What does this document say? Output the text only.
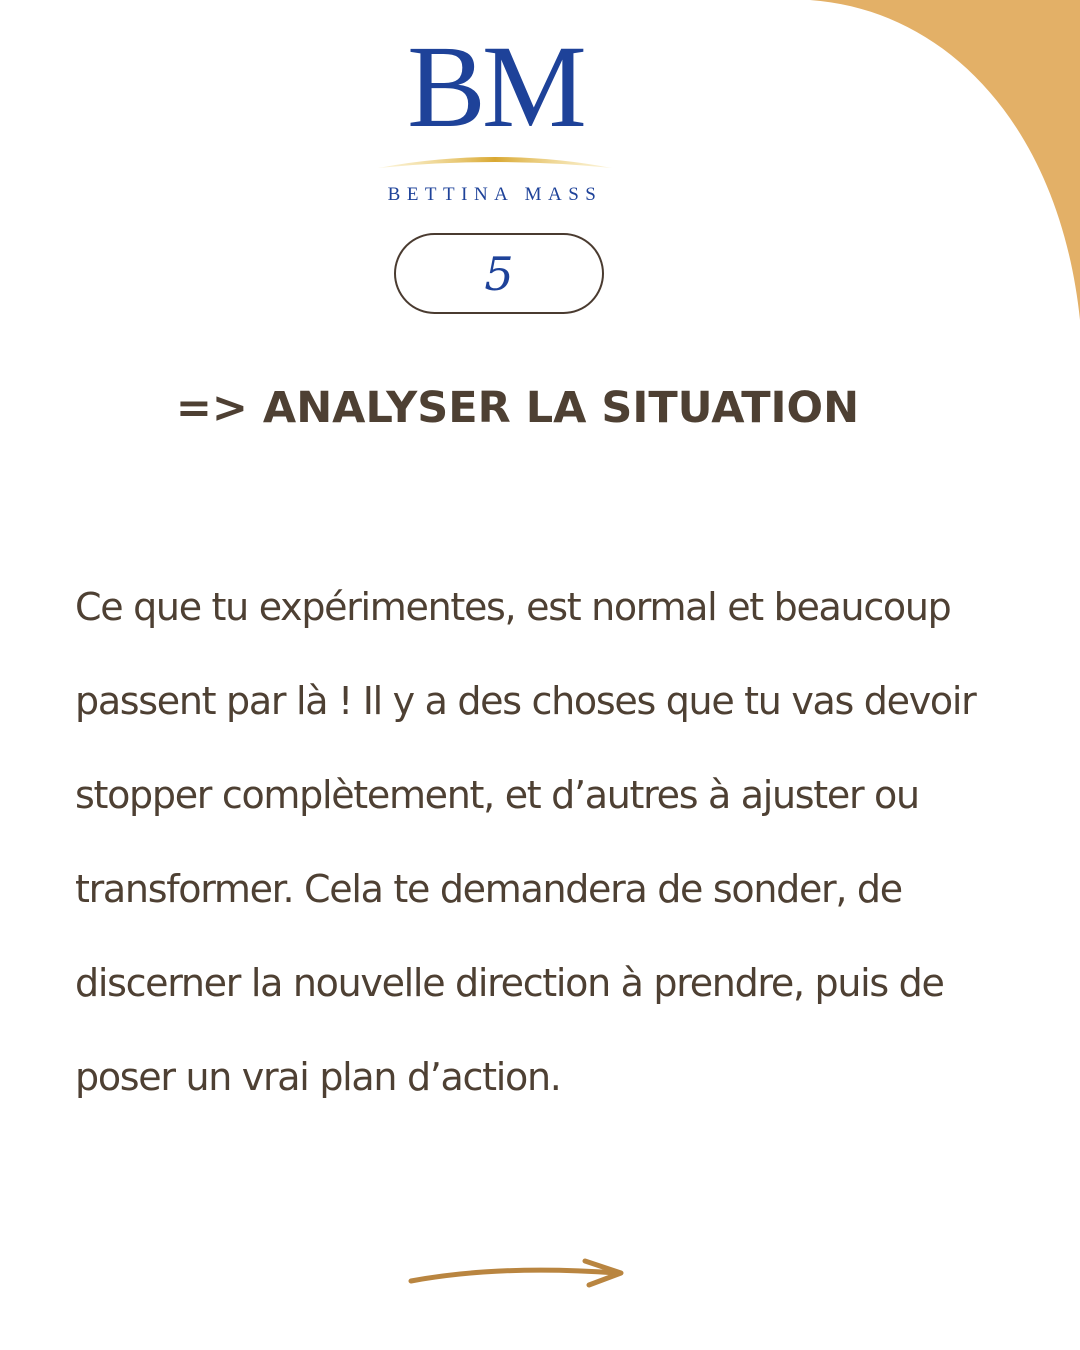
BM
BETTINA MASS
5
=> ANALYSER LA SITUATION
Ce que tu expérimentes, est normal et beaucoup
passent par là ! Il y a des choses que tu vas devoir
stopper complètement, et d’autres à ajuster ou
transformer. Cela te demandera de sonder, de
discerner la nouvelle direction à prendre, puis de
poser un vrai plan d’action.
